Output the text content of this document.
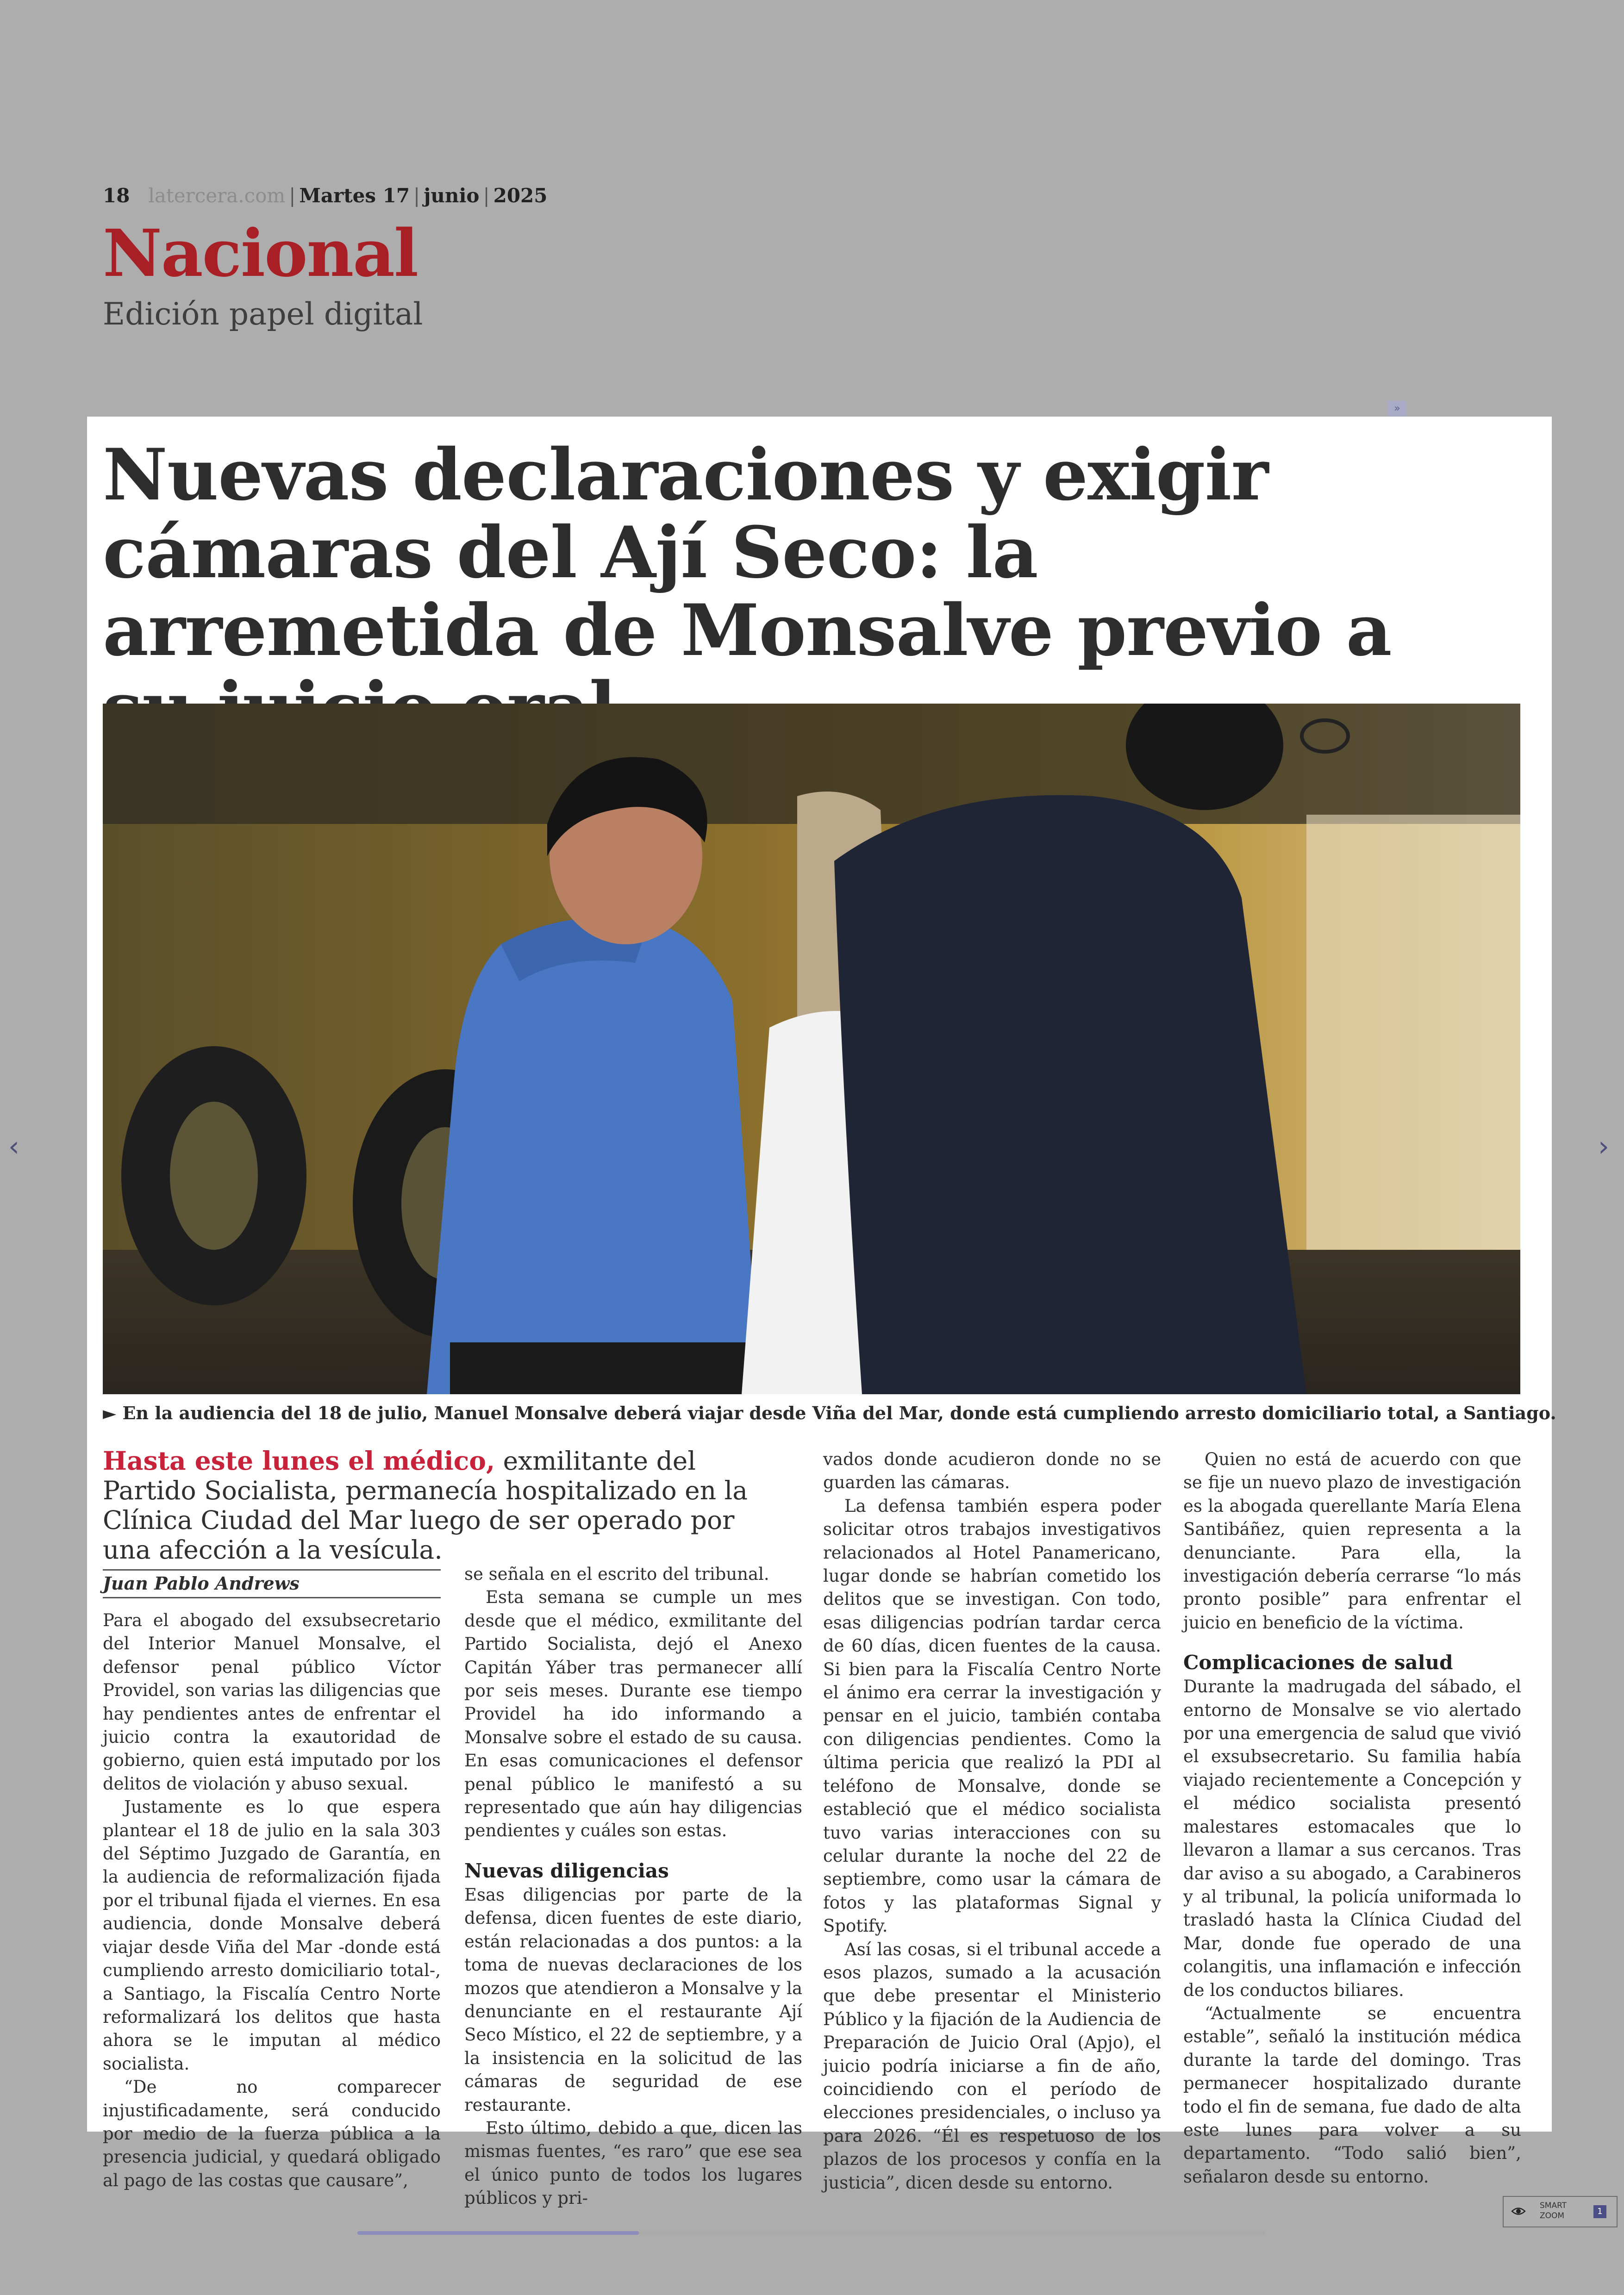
18 latercera.com | Martes 17 | junio | 2025
Nacional
Edición papel digital
»
Nuevas declaraciones y exigir cámaras del Ají Seco: la arremetida de Monsalve previo a
► En la audiencia del 18 de julio, Manuel Monsalve deberá viajar desde Viña del Mar, donde está cumpliendo arresto domiciliario total, a Santiago.

Hasta este lunes el médico, exmilitante del Partido Socialista, permanecía hospitalizado en la Clínica Ciudad del Mar luego de ser operado por una afección a la vesícula.

Juan Pablo Andrews

Para el abogado del exsubsecretario del Interior Manuel Monsalve, el defensor penal público Víctor Providel, son varias las diligencias que hay pendientes antes de enfrentar el juicio contra la exautoridad de gobierno, quien está imputado por los delitos de violación y abuso sexual.

Justamente es lo que espera plantear el 18 de julio en la sala 303 del Séptimo Juzgado de Garantía, en la audiencia de reformalización fijada por el tribunal fijada el viernes. En esa audiencia, donde Monsalve deberá viajar desde Viña del Mar -donde está cumpliendo arresto domiciliario total-, a Santiago, la Fiscalía Centro Norte reformalizará los delitos que hasta ahora se le imputan al médico socialista.

“De no comparecer injustificadamente, será conducido por medio de la fuerza pública a la presencia judicial, y quedará obligado al pago de las costas que causare”,

se señala en el escrito del tribunal.

Esta semana se cumple un mes desde que el médico, exmilitante del Partido Socialista, dejó el Anexo Capitán Yáber tras permanecer allí por seis meses. Durante ese tiempo Providel ha ido informando a Monsalve sobre el estado de su causa. En esas comunicaciones el defensor penal público le manifestó a su representado que aún hay diligencias pendientes y cuáles son estas.

Nuevas diligencias

Esas diligencias por parte de la defensa, dicen fuentes de este diario, están relacionadas a dos puntos: a la toma de nuevas declaraciones de los mozos que atendieron a Monsalve y la denunciante en el restaurante Ají Seco Místico, el 22 de septiembre, y a la insistencia en la solicitud de las cámaras de seguridad de ese restaurante.

Esto último, debido a que, dicen las mismas fuentes, “es raro” que ese sea el único punto de todos los lugares públicos y pri-

vados donde acudieron donde no se guarden las cámaras.

La defensa también espera poder solicitar otros trabajos investigativos relacionados al Hotel Panamericano, lugar donde se habrían cometido los delitos que se investigan. Con todo, esas diligencias podrían tardar cerca de 60 días, dicen fuentes de la causa. Si bien para la Fiscalía Centro Norte el ánimo era cerrar la investigación y pensar en el juicio, también contaba con diligencias pendientes. Como la última pericia que realizó la PDI al teléfono de Monsalve, donde se estableció que el médico socialista tuvo varias interacciones con su celular durante la noche del 22 de septiembre, como usar la cámara de fotos y las plataformas Signal y Spotify.

Así las cosas, si el tribunal accede a esos plazos, sumado a la acusación que debe presentar el Ministerio Público y la fijación de la Audiencia de Preparación de Juicio Oral (Apjo), el juicio podría iniciarse a fin de año, coincidiendo con el período de elecciones presidenciales, o incluso ya para 2026. “Él es respetuoso de los plazos de los procesos y confía en la justicia”, dicen desde su entorno.

Quien no está de acuerdo con que se fije un nuevo plazo de investigación es la abogada querellante María Elena Santibáñez, quien representa a la denunciante. Para ella, la investigación debería cerrarse “lo más pronto posible” para enfrentar el juicio en beneficio de la víctima.

Complicaciones de salud

Durante la madrugada del sábado, el entorno de Monsalve se vio alertado por una emergencia de salud que vivió el exsubsecretario. Su familia había viajado recientemente a Concepción y el médico socialista presentó malestares estomacales que lo llevaron a llamar a sus cercanos. Tras dar aviso a su abogado, a Carabineros y al tribunal, la policía uniformada lo trasladó hasta la Clínica Ciudad del Mar, donde fue operado de una colangitis, una inflamación e infección de los conductos biliares.

“Actualmente se encuentra estable”, señaló la institución médica durante la tarde del domingo. Tras permanecer hospitalizado durante todo el fin de semana, fue dado de alta este lunes para volver a su departamento. “Todo salió bien”, señalaron desde su entorno.

‹	›
SMART
ZOOM	1
